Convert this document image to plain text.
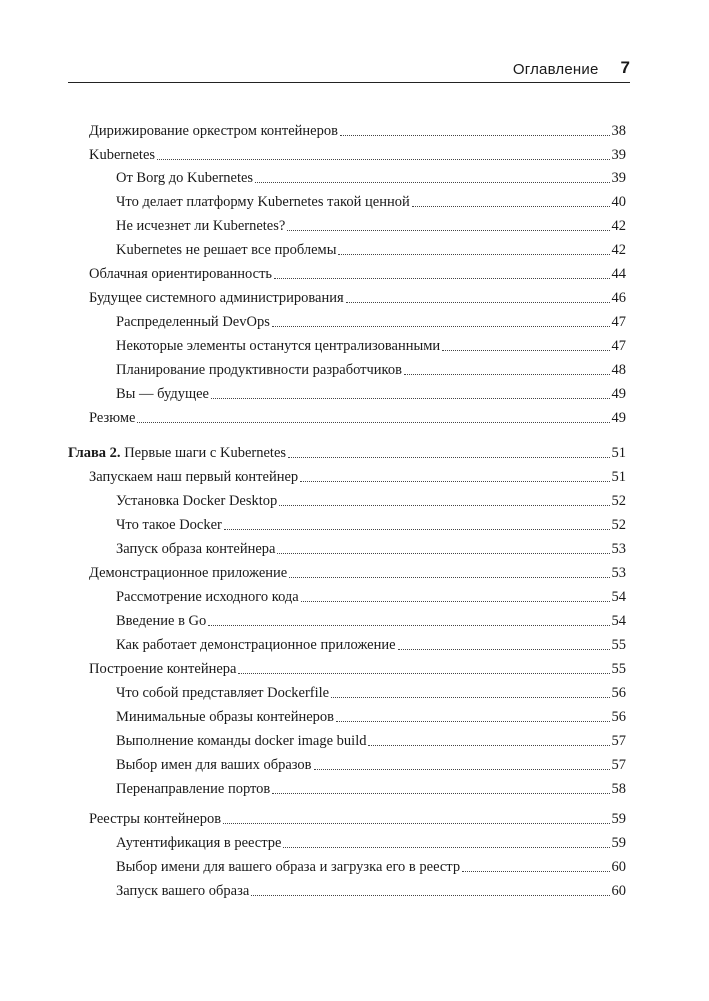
Оглавление 7
Дирижирование оркестром контейнеров	38
Kubernetes	39
От Borg до Kubernetes	39
Что делает платформу Kubernetes такой ценной	40
Не исчезнет ли Kubernetes?	42
Kubernetes не решает все проблемы	42
Облачная ориентированность	44
Будущее системного администрирования	46
Распределенный DevOps	47
Некоторые элементы останутся централизованными	47
Планирование продуктивности разработчиков	48
Вы — будущее	49
Резюме	49
Глава 2. Первые шаги с Kubernetes	51
Запускаем наш первый контейнер	51
Установка Docker Desktop	52
Что такое Docker	52
Запуск образа контейнера	53
Демонстрационное приложение	53
Рассмотрение исходного кода	54
Введение в Go	54
Как работает демонстрационное приложение	55
Построение контейнера	55
Что собой представляет Dockerfile	56
Минимальные образы контейнеров	56
Выполнение команды docker image build	57
Выбор имен для ваших образов	57
Перенаправление портов	58
Реестры контейнеров	59
Аутентификация в реестре	59
Выбор имени для вашего образа и загрузка его в реестр	60
Запуск вашего образа	60
